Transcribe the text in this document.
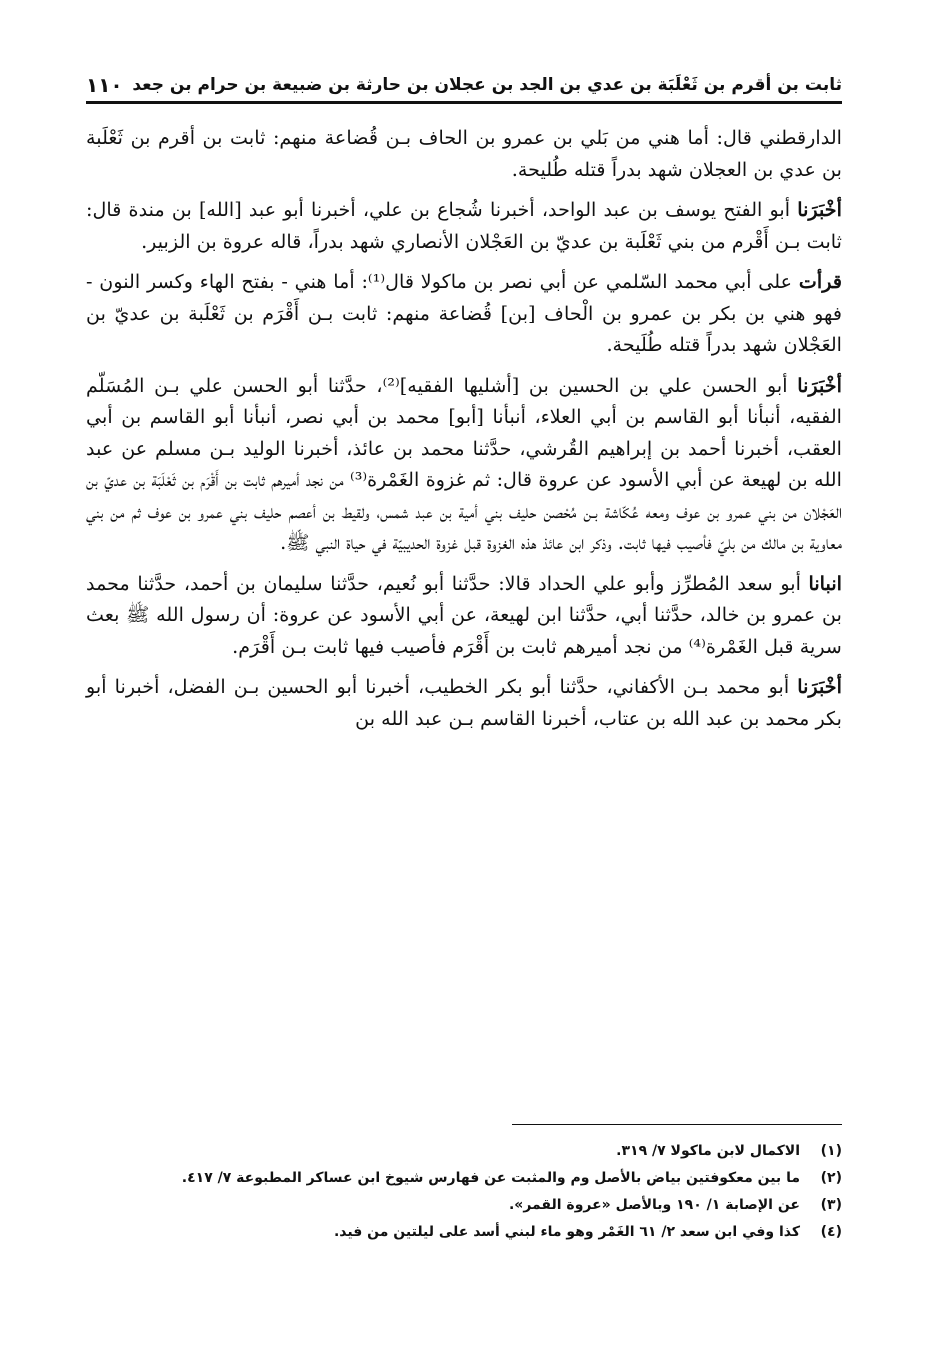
ثابت بن أقرم بن ثَعْلَبَة بن عدي بن الجد بن عجلان بن حارثة بن ضبيعة بن حرام بن جعد
١١٠

الدارقطني قال: أما هني من بَلي بن عمرو بن الحاف بـن قُضاعة منهم: ثابت بن أقرم بن ثَعْلَبة بن عدي بن العجلان شهد بدراً قتله طُليحة.

أخْبَرَنا أبو الفتح يوسف بن عبد الواحد، أخبرنا شُجاع بن علي، أخبرنا أبو عبد [الله] بن مندة قال: ثابت بـن أَقْرم من بني ثَعْلَبة بن عديّ بن العَجْلان الأنصاري شهد بدراً، قاله عروة بن الزبير.

قرأت على أبي محمد السّلمي عن أبي نصر بن ماكولا قال⁽¹⁾: أما هني - بفتح الهاء وكسر النون - فهو هني بن بكر بن عمرو بن الْحاف [بن] قُضاعة منهم: ثابت بـن أَقْرَم بن ثَعْلَبة بن عديّ بن العَجْلان شهد بدراً قتله طُلَيحة.

أخْبَرَنا أبو الحسن علي بن الحسين بن [أشليها الفقيه]⁽²⁾، حدَّثنا أبو الحسن علي بـن المُسَلّم الفقيه، أنبأنا أبو القاسم بن أبي العلاء، أنبأنا [أبو] محمد بن أبي نصر، أنبأنا أبو القاسم بن أبي العقب، أخبرنا أحمد بن إبراهيم القُرشي، حدَّثنا محمد بن عائذ، أخبرنا الوليد بـن مسلم عن عبد الله بن لهيعة عن أبي الأسود عن عروة قال: ثم غزوة الغَمْرة⁽³⁾ من نجد أميرهم ثابت بن أَقْرَم بن ثَعْلَبَة بن عديّ بن العَجْلان من بني عمرو بن عوف ومعه عُكّاشة بـن مُحْصن حليف بني أمية بن عبد شمس، ولقيط بن أعصم حليف بني عمرو بن عوف ثم من بني معاوية بن مالك من بليّ فأصيب فيها ثابت. وذكر ابن عائذ هذه الغزوة قبل غزوة الحديبيّة في حياة النبي ﷺ.

انبانا أبو سعد المُطرِّز وأبو علي الحداد قالا: حدَّثنا أبو نُعيم، حدَّثنا سليمان بن أحمد، حدَّثنا محمد بن عمرو بن خالد، حدَّثنا أبي، حدَّثنا ابن لهيعة، عن أبي الأسود عن عروة: أن رسول الله ﷺ بعث سرية قبل الغَمْرة⁽⁴⁾ من نجد أميرهم ثابت بن أَقْرَم فأصيب فيها ثابت بـن أَقْرَم.

أخْبَرَنا أبو محمد بـن الأكفاني، حدَّثنا أبو بكر الخطيب، أخبرنا أبو الحسين بـن الفضل، أخبرنا أبو بكر محمد بن عبد الله بن عتاب، أخبرنا القاسم بـن عبد الله بن

(١)
الاكمال لابن ماكولا ٧/ ٣١٩.
(٢)
ما بين معكوفتين بياض بالأصل وم والمثبت عن فهارس شيوخ ابن عساكر المطبوعة ٧/ ٤١٧.
(٣)
عن الإصابة ١/ ١٩٠ وبالأصل «عروة القمر».
(٤)
كذا وفي ابن سعد ٢/ ٦١ الغَمْر وهو ماء لبني أسد على ليلتين من فيد.
